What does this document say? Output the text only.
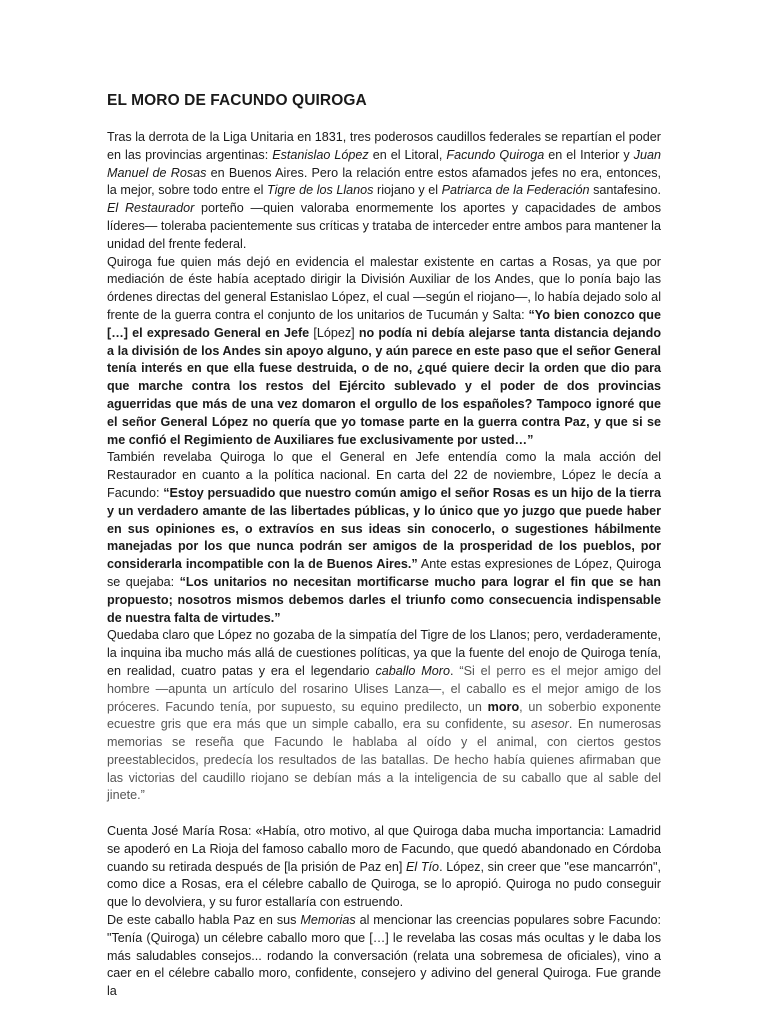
EL MORO DE FACUNDO QUIROGA

Tras la derrota de la Liga Unitaria en 1831, tres poderosos caudillos federales se repartían el poder en las provincias argentinas: Estanislao López en el Litoral, Facundo Quiroga en el Interior y Juan Manuel de Rosas en Buenos Aires. Pero la relación entre estos afamados jefes no era, entonces, la mejor, sobre todo entre el Tigre de los Llanos riojano y el Patriarca de la Federación santafesino. El Restaurador porteño —quien valoraba enormemente los aportes y capacidades de ambos líderes— toleraba pacientemente sus críticas y trataba de interceder entre ambos para mantener la unidad del frente federal.

Quiroga fue quien más dejó en evidencia el malestar existente en cartas a Rosas, ya que por mediación de éste había aceptado dirigir la División Auxiliar de los Andes, que lo ponía bajo las órdenes directas del general Estanislao López, el cual —según el riojano—, lo había dejado solo al frente de la guerra contra el conjunto de los unitarios de Tucumán y Salta: “Yo bien conozco que […] el expresado General en Jefe [López] no podía ni debía alejarse tanta distancia dejando a la división de los Andes sin apoyo alguno, y aún parece en este paso que el señor General tenía interés en que ella fuese destruida, o de no, ¿qué quiere decir la orden que dio para que marche contra los restos del Ejército sublevado y el poder de dos provincias aguerridas que más de una vez domaron el orgullo de los españoles? Tampoco ignoré que el señor General López no quería que yo tomase parte en la guerra contra Paz, y que si se me confió el Regimiento de Auxiliares fue exclusivamente por usted…”

También revelaba Quiroga lo que el General en Jefe entendía como la mala acción del Restaurador en cuanto a la política nacional. En carta del 22 de noviembre, López le decía a Facundo: “Estoy persuadido que nuestro común amigo el señor Rosas es un hijo de la tierra y un verdadero amante de las libertades públicas, y lo único que yo juzgo que puede haber en sus opiniones es, o extravíos en sus ideas sin conocerlo, o sugestiones hábilmente manejadas por los que nunca podrán ser amigos de la prosperidad de los pueblos, por considerarla incompatible con la de Buenos Aires.” Ante estas expresiones de López, Quiroga se quejaba: “Los unitarios no necesitan mortificarse mucho para lograr el fin que se han propuesto; nosotros mismos debemos darles el triunfo como consecuencia indispensable de nuestra falta de virtudes.”

Quedaba claro que López no gozaba de la simpatía del Tigre de los Llanos; pero, verdaderamente, la inquina iba mucho más allá de cuestiones políticas, ya que la fuente del enojo de Quiroga tenía, en realidad, cuatro patas y era el legendario caballo Moro. “Si el perro es el mejor amigo del hombre —apunta un artículo del rosarino Ulises Lanza—, el caballo es el mejor amigo de los próceres. Facundo tenía, por supuesto, su equino predilecto, un moro, un soberbio exponente ecuestre gris que era más que un simple caballo, era su confidente, su asesor. En numerosas memorias se reseña que Facundo le hablaba al oído y el animal, con ciertos gestos preestablecidos, predecía los resultados de las batallas. De hecho había quienes afirmaban que las victorias del caudillo riojano se debían más a la inteligencia de su caballo que al sable del jinete.”

Cuenta José María Rosa: «Había, otro motivo, al que Quiroga daba mucha importancia: Lamadrid se apoderó en La Rioja del famoso caballo moro de Facundo, que quedó abandonado en Córdoba cuando su retirada después de [la prisión de Paz en] El Tío. López, sin creer que "ese mancarrón", como dice a Rosas, era el célebre caballo de Quiroga, se lo apropió. Quiroga no pudo conseguir que lo devolviera, y su furor estallaría con estruendo.

De este caballo habla Paz en sus Memorias al mencionar las creencias populares sobre Facundo: "Tenía (Quiroga) un célebre caballo moro que […] le revelaba las cosas más ocultas y le daba los más saludables consejos... rodando la conversación (relata una sobremesa de oficiales), vino a caer en el célebre caballo moro, confidente, consejero y adivino del general Quiroga. Fue grande la
